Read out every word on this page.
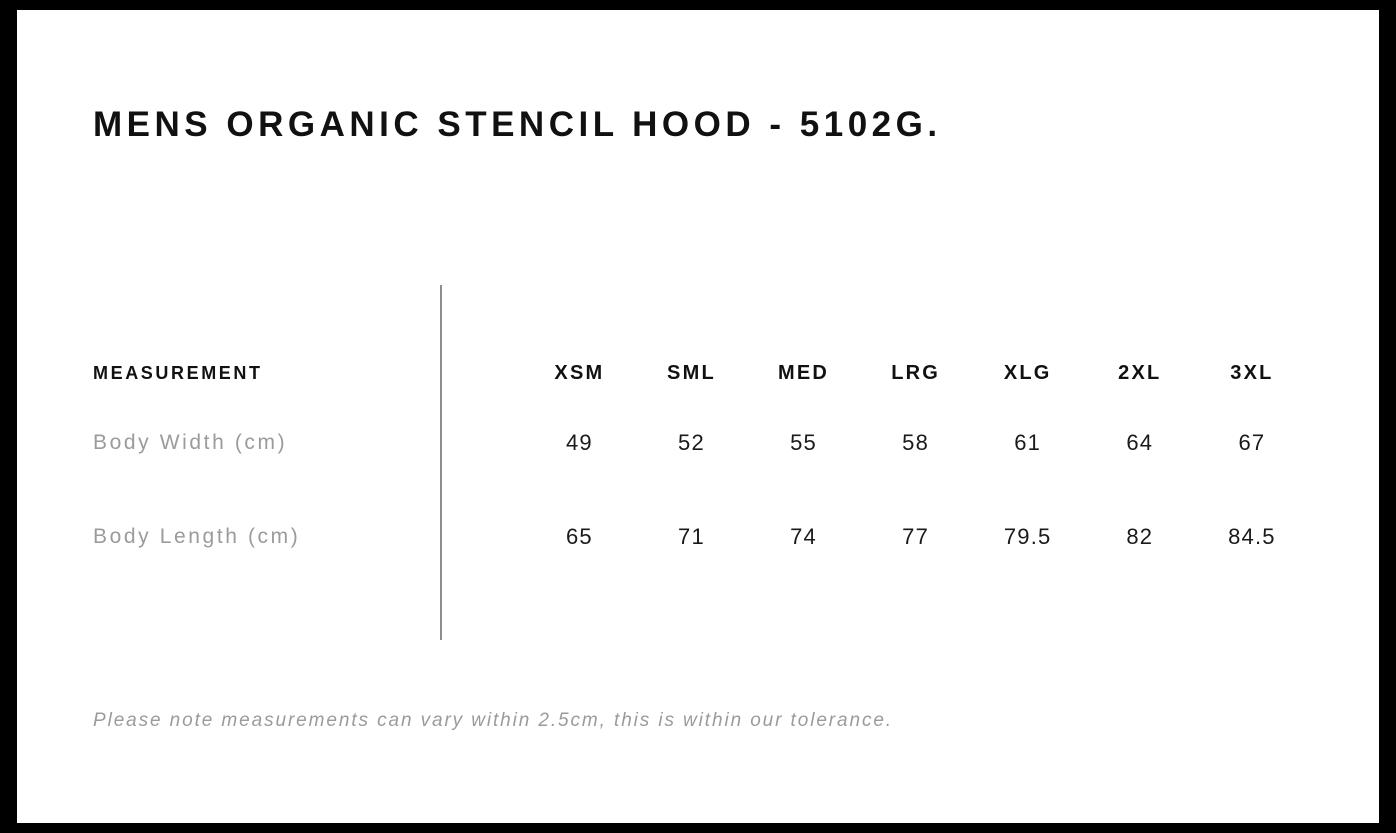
MENS ORGANIC STENCIL HOOD - 5102G.
MEASUREMENT	XSM	SML	MED	LRG	XLG	2XL	3XL
Body Width (cm)	49	52	55	58	61	64	67
Body Length (cm)	65	71	74	77	79.5	82	84.5
Please note measurements can vary within 2.5cm, this is within our tolerance.
